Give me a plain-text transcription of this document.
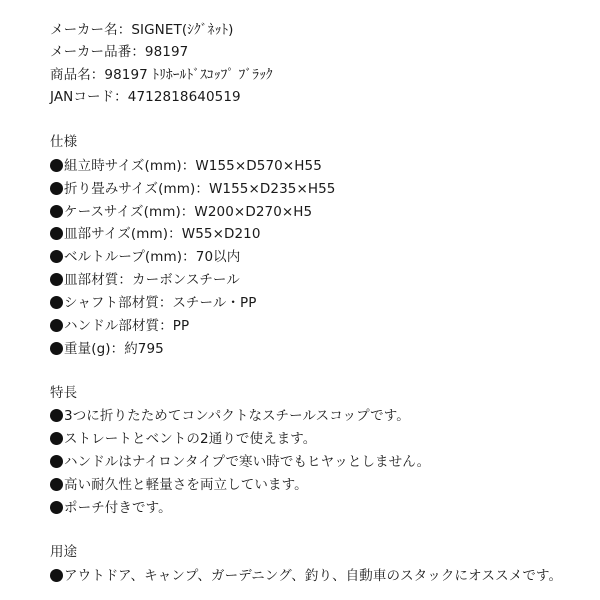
メーカー名：SIGNET(ｼｸﾞﾈｯﾄ)
メーカー品番：98197
商品名：98197 ﾄﾘﾎｰﾙﾄﾞｽｺｯﾌﾟ ﾌﾞﾗｯｸ
JANコード：4712818640519
仕様
組立時サイズ(mm)：W155×D570×H55
折り畳みサイズ(mm)：W155×D235×H55
ケースサイズ(mm)：W200×D270×H5
皿部サイズ(mm)：W55×D210
ベルトループ(mm)：70以内
皿部材質：カーボンスチール
シャフト部材質：スチール・PP
ハンドル部材質：PP
重量(g)：約795
特長
3つに折りたためてコンパクトなスチールスコップです。
ストレートとベントの2通りで使えます。
ハンドルはナイロンタイプで寒い時でもヒヤッとしません。
高い耐久性と軽量さを両立しています。
ポーチ付きです。
用途
アウトドア、キャンプ、ガーデニング、釣り、自動車のスタックにオススメです。
